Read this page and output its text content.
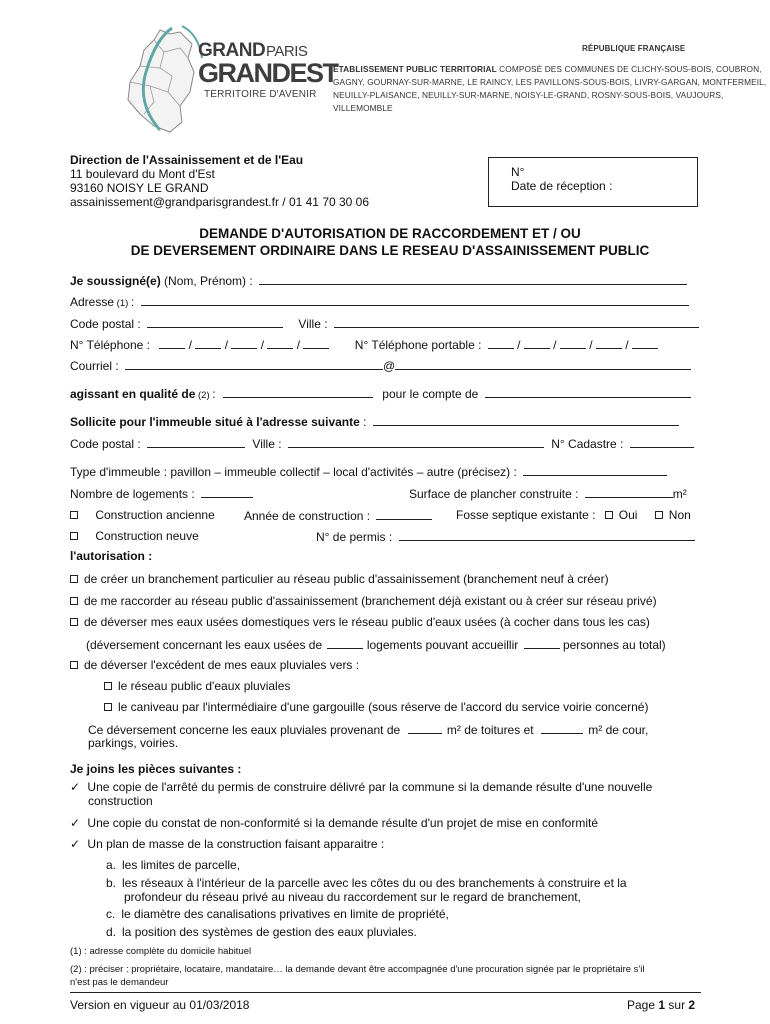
GRAND PARIS
GRANDEST
TERRITOIRE D'AVENIR
RÉPUBLIQUE FRANÇAISE
ÉTABLISSEMENT PUBLIC TERRITORIAL COMPOSÉ DES COMMUNES DE CLICHY-SOUS-BOIS, COUBRON,
GAGNY, GOURNAY-SUR-MARNE, LE RAINCY, LES PAVILLONS-SOUS-BOIS, LIVRY-GARGAN, MONTFERMEIL,
NEUILLY-PLAISANCE, NEUILLY-SUR-MARNE, NOISY-LE-GRAND, ROSNY-SOUS-BOIS, VAUJOURS, VILLEMOMBLE
Direction de l'Assainissement et de l'Eau
11 boulevard du Mont d'Est
93160 NOISY LE GRAND
assainissement@grandparisgrandest.fr / 01 41 70 30 06
N°
Date de réception :
DEMANDE D'AUTORISATION DE RACCORDEMENT ET / OU
DE DEVERSEMENT ORDINAIRE DANS LE RESEAU D'ASSAINISSEMENT PUBLIC
Je soussigné(e) (Nom, Prénom) :
Adresse (1) :
Code postal :	Ville :
N° Téléphone :	/	/	/	/	N° Téléphone portable :	/	/	/	/
Courriel :	@
agissant en qualité de (2) :	pour le compte de
Sollicite pour l'immeuble situé à l'adresse suivante :
Code postal :	Ville :	N° Cadastre :
Type d'immeuble : pavillon – immeuble collectif – local d'activités – autre (précisez) :
Nombre de logements :	Surface de plancher construite :	m²
Construction ancienne Année de construction :	Fosse septique existante : Oui	Non
Construction neuve	N° de permis :
l'autorisation :
de créer un branchement particulier au réseau public d'assainissement (branchement neuf à créer)
de me raccorder au réseau public d'assainissement (branchement déjà existant ou à créer sur réseau privé)
de déverser mes eaux usées domestiques vers le réseau public d'eaux usées (à cocher dans tous les cas)
(déversement concernant les eaux usées de	logements pouvant accueillir	personnes au total)
de déverser l'excédent de mes eaux pluviales vers :
le réseau public d'eaux pluviales
le caniveau par l'intermédiaire d'une gargouille (sous réserve de l'accord du service voirie concerné)
Ce déversement concerne les eaux pluviales provenant de	m² de toitures et	m² de cour,
parkings, voiries.
Je joins les pièces suivantes :
✓ Une copie de l'arrêté du permis de construire délivré par la commune si la demande résulte d'une nouvelle
construction
✓ Une copie du constat de non-conformité si la demande résulte d'un projet de mise en conformité
✓ Un plan de masse de la construction faisant apparaitre :
a. les limites de parcelle,
b. les réseaux à l'intérieur de la parcelle avec les côtes du ou des branchements à construire et la
profondeur du réseau privé au niveau du raccordement sur le regard de branchement,
c. le diamètre des canalisations privatives en limite de propriété,
d. la position des systèmes de gestion des eaux pluviales.
(1) : adresse complète du domicile habituel
(2) : préciser : propriétaire, locataire, mandataire… la demande devant être accompagnée d'une procuration signée par le propriétaire s'il
n'est pas le demandeur
Version en vigueur au 01/03/2018	Page 1 sur 2
